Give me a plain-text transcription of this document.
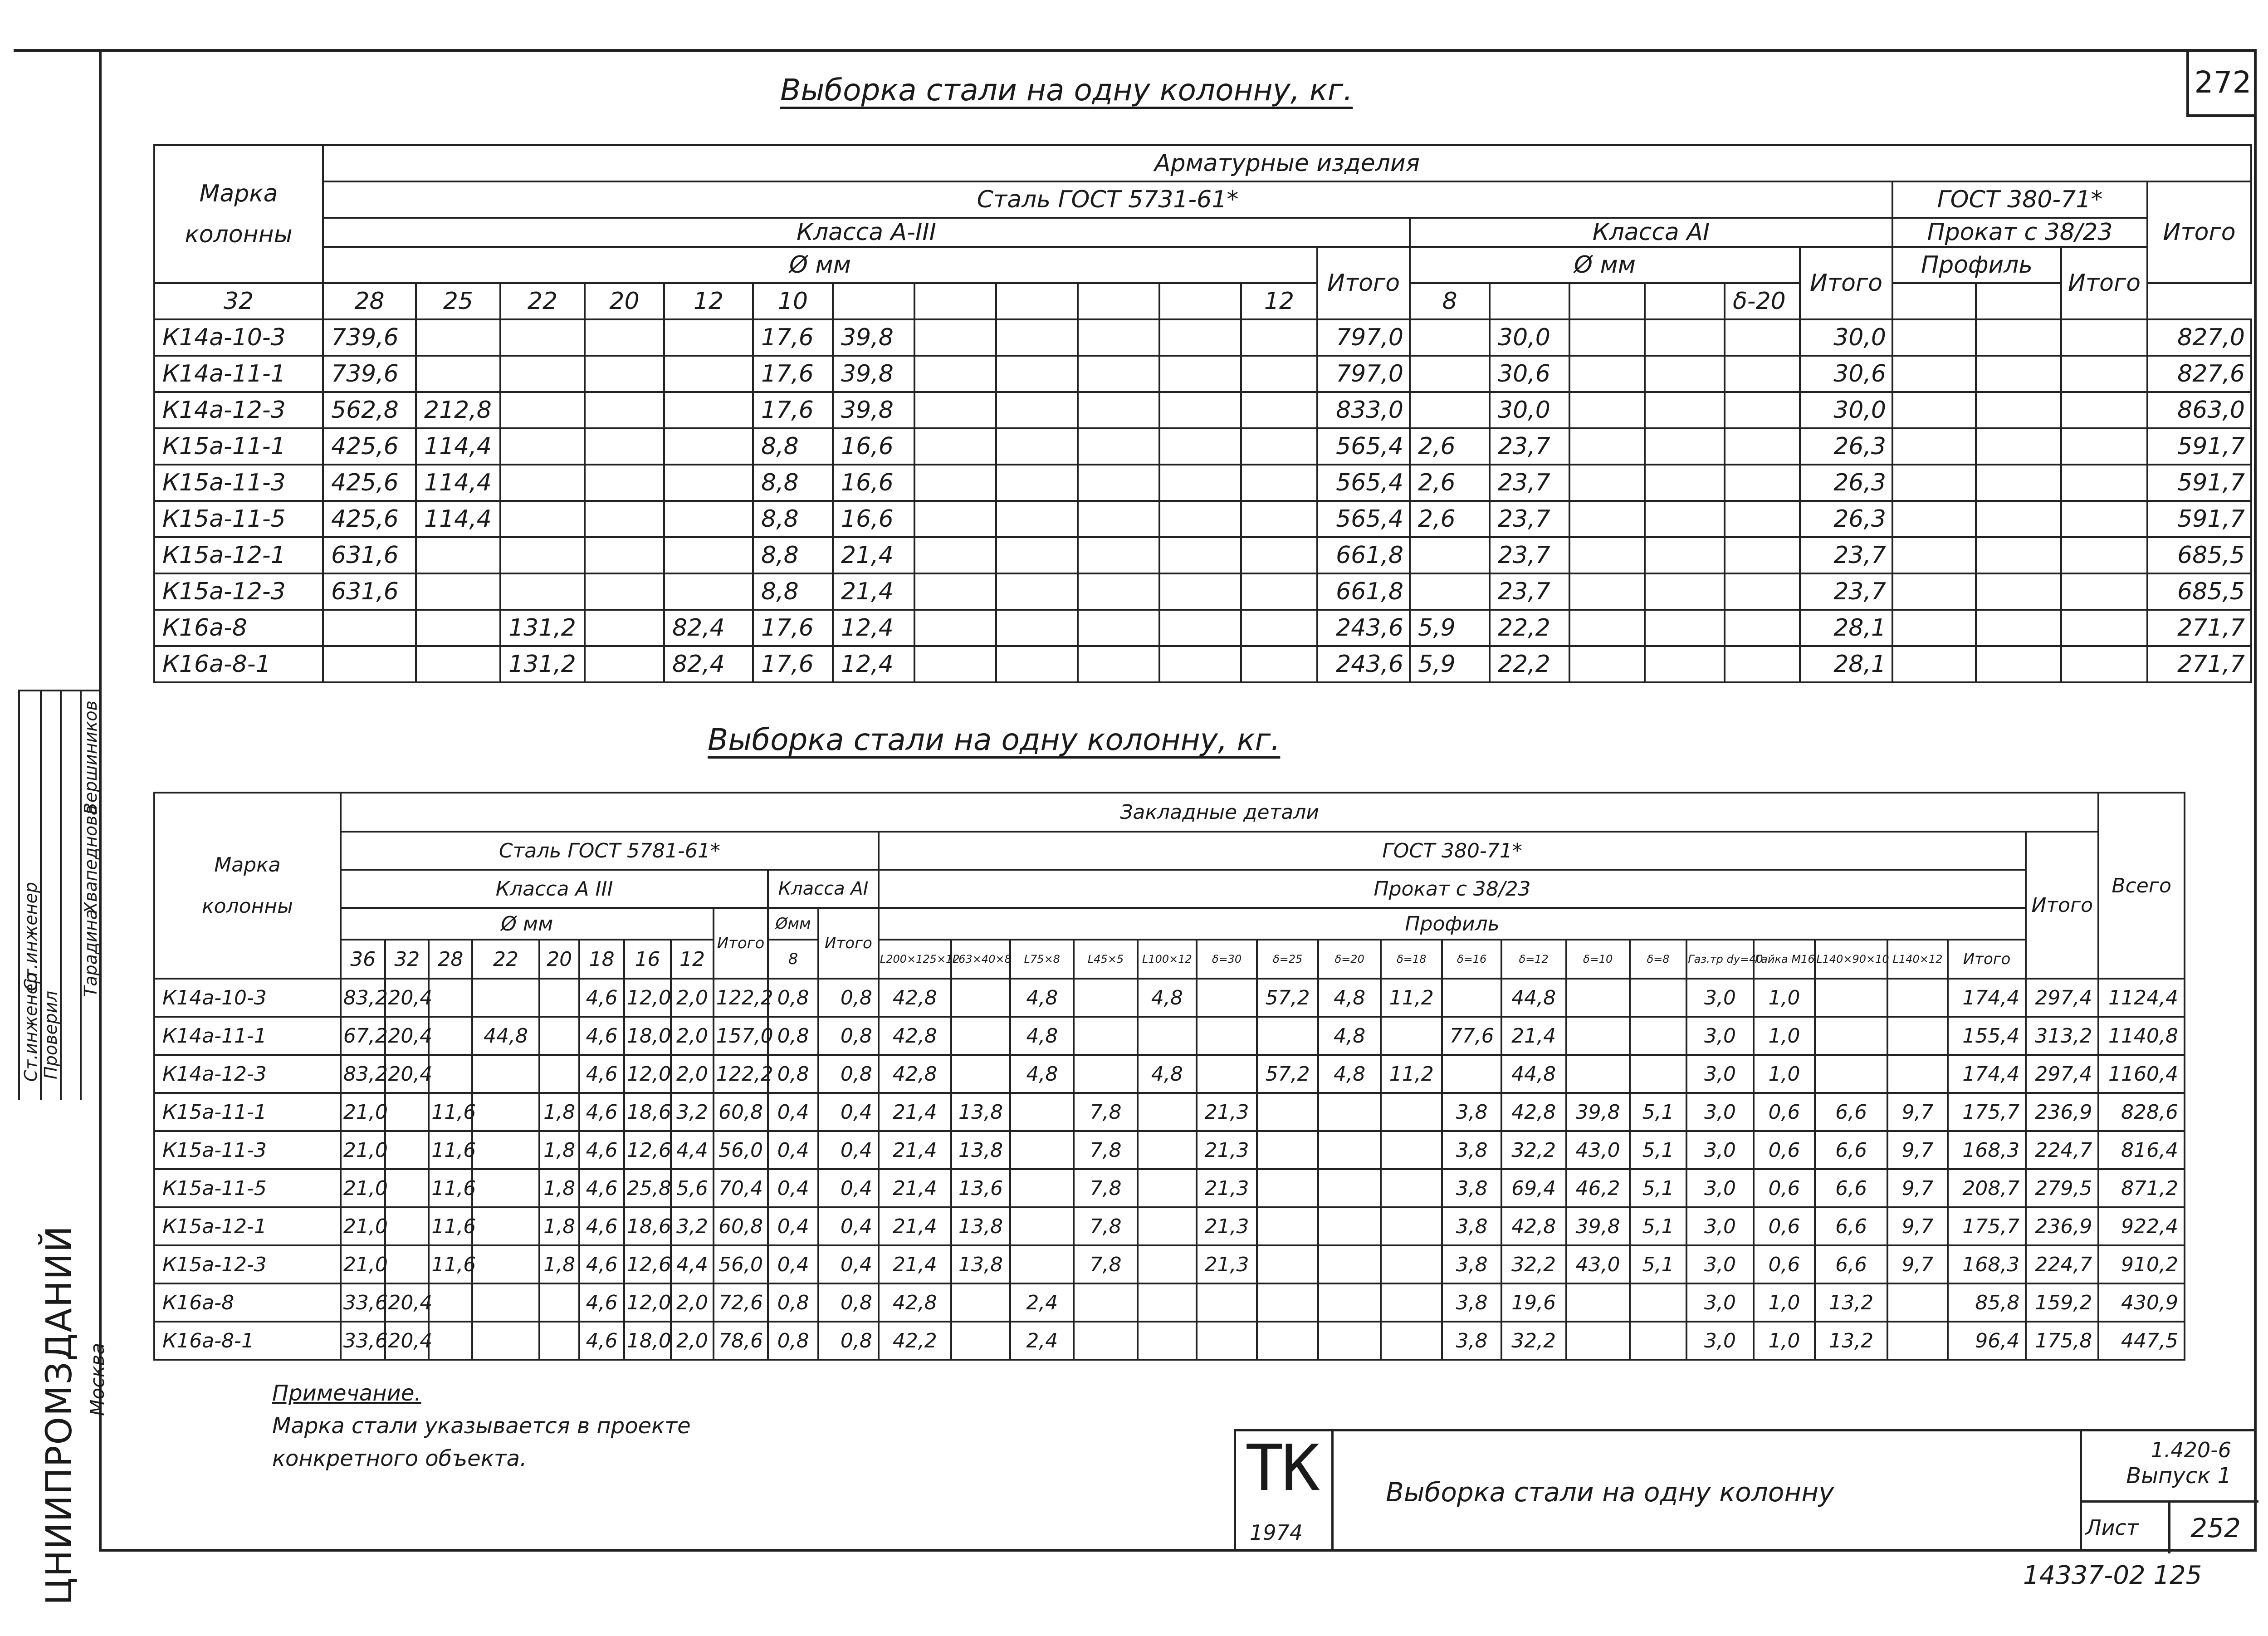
272
Выборка стали на одну колонну, кг.
Марка
колонны	Арматурные изделия																						
	Сталь ГОСТ 5731-61*																			ГОСТ 380-71*			Итого
	Класса А-III													Класса АI						Прокат с 38/23			
	Ø мм												Итого	Ø мм					Итого	Профиль		Итого	
32	28	25	22	20	12	10						12		8				δ-20					
К14а-10-3	739,6					17,6	39,8						797,0		30,0				30,0				827,0
К14а-11-1	739,6					17,6	39,8						797,0		30,6				30,6				827,6
К14а-12-3	562,8	212,8				17,6	39,8						833,0		30,0				30,0				863,0
К15а-11-1	425,6	114,4				8,8	16,6						565,4	2,6	23,7				26,3				591,7
К15а-11-3	425,6	114,4				8,8	16,6						565,4	2,6	23,7				26,3				591,7
К15а-11-5	425,6	114,4				8,8	16,6						565,4	2,6	23,7				26,3				591,7
К15а-12-1	631,6					8,8	21,4						661,8		23,7				23,7				685,5
К15а-12-3	631,6					8,8	21,4						661,8		23,7				23,7				685,5
К16а-8			131,2		82,4	17,6	12,4						243,6	5,9	22,2				28,1				271,7
К16а-8-1			131,2		82,4	17,6	12,4						243,6	5,9	22,2				28,1				271,7
Выборка стали на одну колонну, кг.
Марка
колонны	Закладные детали																														Всего
	Сталь ГОСТ 5781-61*											ГОСТ 380-71*																		Итого	
	Класса А III									Класса АI		Прокат с 38/23																			
	Ø мм								Итого	Øмм	Итого	Профиль																			
	36	32	28	22	20	18	16	12		8		L200×125×12	L63×40×8	L75×8	L45×5	L100×12	δ=30	δ=25	δ=20	δ=18	δ=16	δ=12	δ=10	δ=8	Газ.тр dу=40	Гайка М16	L140×90×10	L140×12	Итого		
К14а-10-3	83,2	20,4				4,6	12,0	2,0	122,2	0,8	0,8	42,8		4,8		4,8		57,2	4,8	11,2		44,8			3,0	1,0			174,4	297,4	1124,4
К14а-11-1	67,2	20,4		44,8		4,6	18,0	2,0	157,0	0,8	0,8	42,8		4,8					4,8		77,6	21,4			3,0	1,0			155,4	313,2	1140,8
К14а-12-3	83,2	20,4				4,6	12,0	2,0	122,2	0,8	0,8	42,8		4,8		4,8		57,2	4,8	11,2		44,8			3,0	1,0			174,4	297,4	1160,4
К15а-11-1	21,0		11,6		1,8	4,6	18,6	3,2	60,8	0,4	0,4	21,4	13,8		7,8		21,3				3,8	42,8	39,8	5,1	3,0	0,6	6,6	9,7	175,7	236,9	828,6
К15а-11-3	21,0		11,6		1,8	4,6	12,6	4,4	56,0	0,4	0,4	21,4	13,8		7,8		21,3				3,8	32,2	43,0	5,1	3,0	0,6	6,6	9,7	168,3	224,7	816,4
К15а-11-5	21,0		11,6		1,8	4,6	25,8	5,6	70,4	0,4	0,4	21,4	13,6		7,8		21,3				3,8	69,4	46,2	5,1	3,0	0,6	6,6	9,7	208,7	279,5	871,2
К15а-12-1	21,0		11,6		1,8	4,6	18,6	3,2	60,8	0,4	0,4	21,4	13,8		7,8		21,3				3,8	42,8	39,8	5,1	3,0	0,6	6,6	9,7	175,7	236,9	922,4
К15а-12-3	21,0		11,6		1,8	4,6	12,6	4,4	56,0	0,4	0,4	21,4	13,8		7,8		21,3				3,8	32,2	43,0	5,1	3,0	0,6	6,6	9,7	168,3	224,7	910,2
К16а-8	33,6	20,4				4,6	12,0	2,0	72,6	0,8	0,8	42,8		2,4							3,8	19,6			3,0	1,0	13,2		85,8	159,2	430,9
К16а-8-1	33,6	20,4				4,6	18,0	2,0	78,6	0,8	0,8	42,2		2,4							3,8	32,2			3,0	1,0	13,2		96,4	175,8	447,5
Примечание.
Марка стали указывается в проекте
конкретного объекта.	ТК
1974
Выборка стали на одну колонну
1.420-6
Выпуск 1
Лист	252
14337-02 125
Ст.инженер
Ст.инженер
Проверил
Вершиников
Хвапеднова
Тарадина
ЦНИИПРОМЗДАНИЙ Москва
